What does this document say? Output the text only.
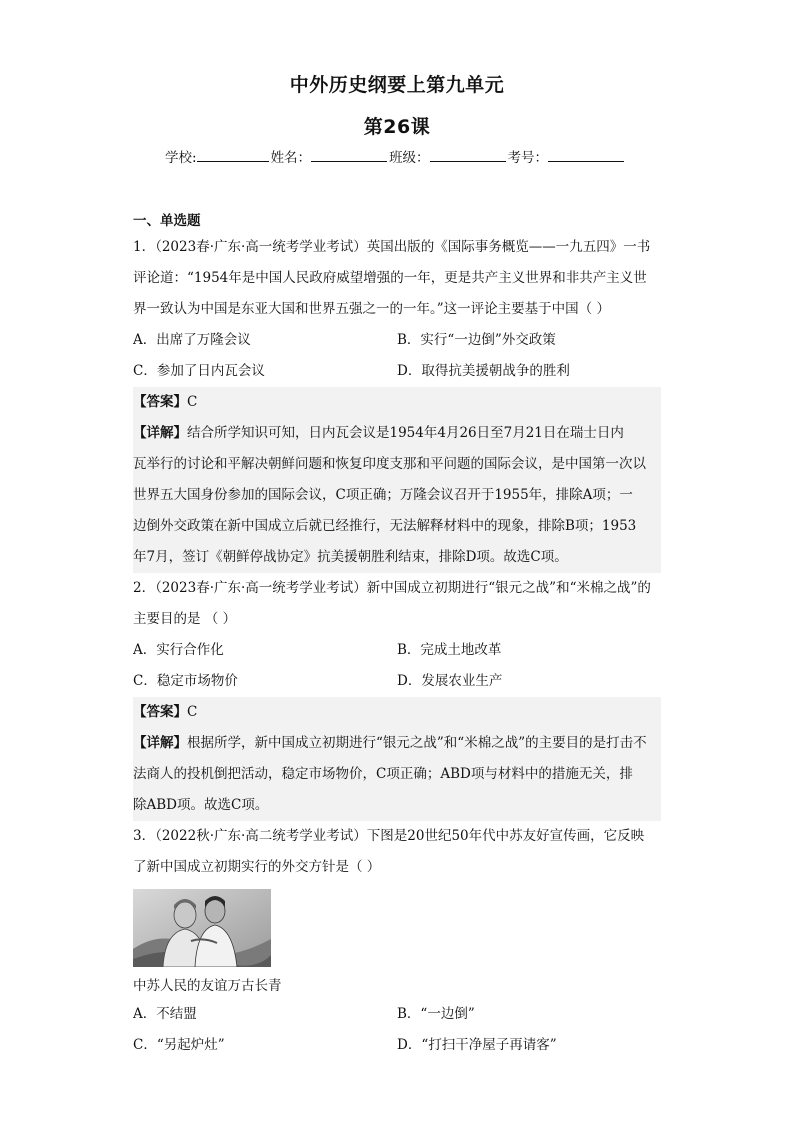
中外历史纲要上第九单元
第26课
学校:	姓名：	班级：	考号：
一、单选题
1．（2023春·广东·高一统考学业考试）英国出版的《国际事务概览——一九五四》一书
评论道：“1954年是中国人民政府威望增强的一年，更是共产主义世界和非共产主义世
界一致认为中国是东亚大国和世界五强之一的一年。”这一评论主要基于中国（ ）
A．出席了万隆会议	B．实行“一边倒”外交政策
C．参加了日内瓦会议	D．取得抗美援朝战争的胜利
【答案】C
【详解】结合所学知识可知，日内瓦会议是1954年4月26日至7月21日在瑞士日内
瓦举行的讨论和平解决朝鲜问题和恢复印度支那和平问题的国际会议，是中国第一次以
世界五大国身份参加的国际会议，C项正确；万隆会议召开于1955年，排除A项；一
边倒外交政策在新中国成立后就已经推行，无法解释材料中的现象，排除B项；1953
年7月，签订《朝鲜停战协定》抗美援朝胜利结束，排除D项。故选C项。
2．（2023春·广东·高一统考学业考试）新中国成立初期进行“银元之战”和“米棉之战”的
主要目的是 （ ）
A．实行合作化	B．完成土地改革
C．稳定市场物价	D．发展农业生产
【答案】C
【详解】根据所学，新中国成立初期进行“银元之战”和“米棉之战”的主要目的是打击不
法商人的投机倒把活动，稳定市场物价，C项正确；ABD项与材料中的措施无关，排
除ABD项。故选C项。
3．（2022秋·广东·高二统考学业考试）下图是20世纪50年代中苏友好宣传画，它反映
了新中国成立初期实行的外交方针是（ ）
中苏人民的友谊万古长青
A．不结盟	B．“一边倒”
C．“另起炉灶”	D．“打扫干净屋子再请客”
